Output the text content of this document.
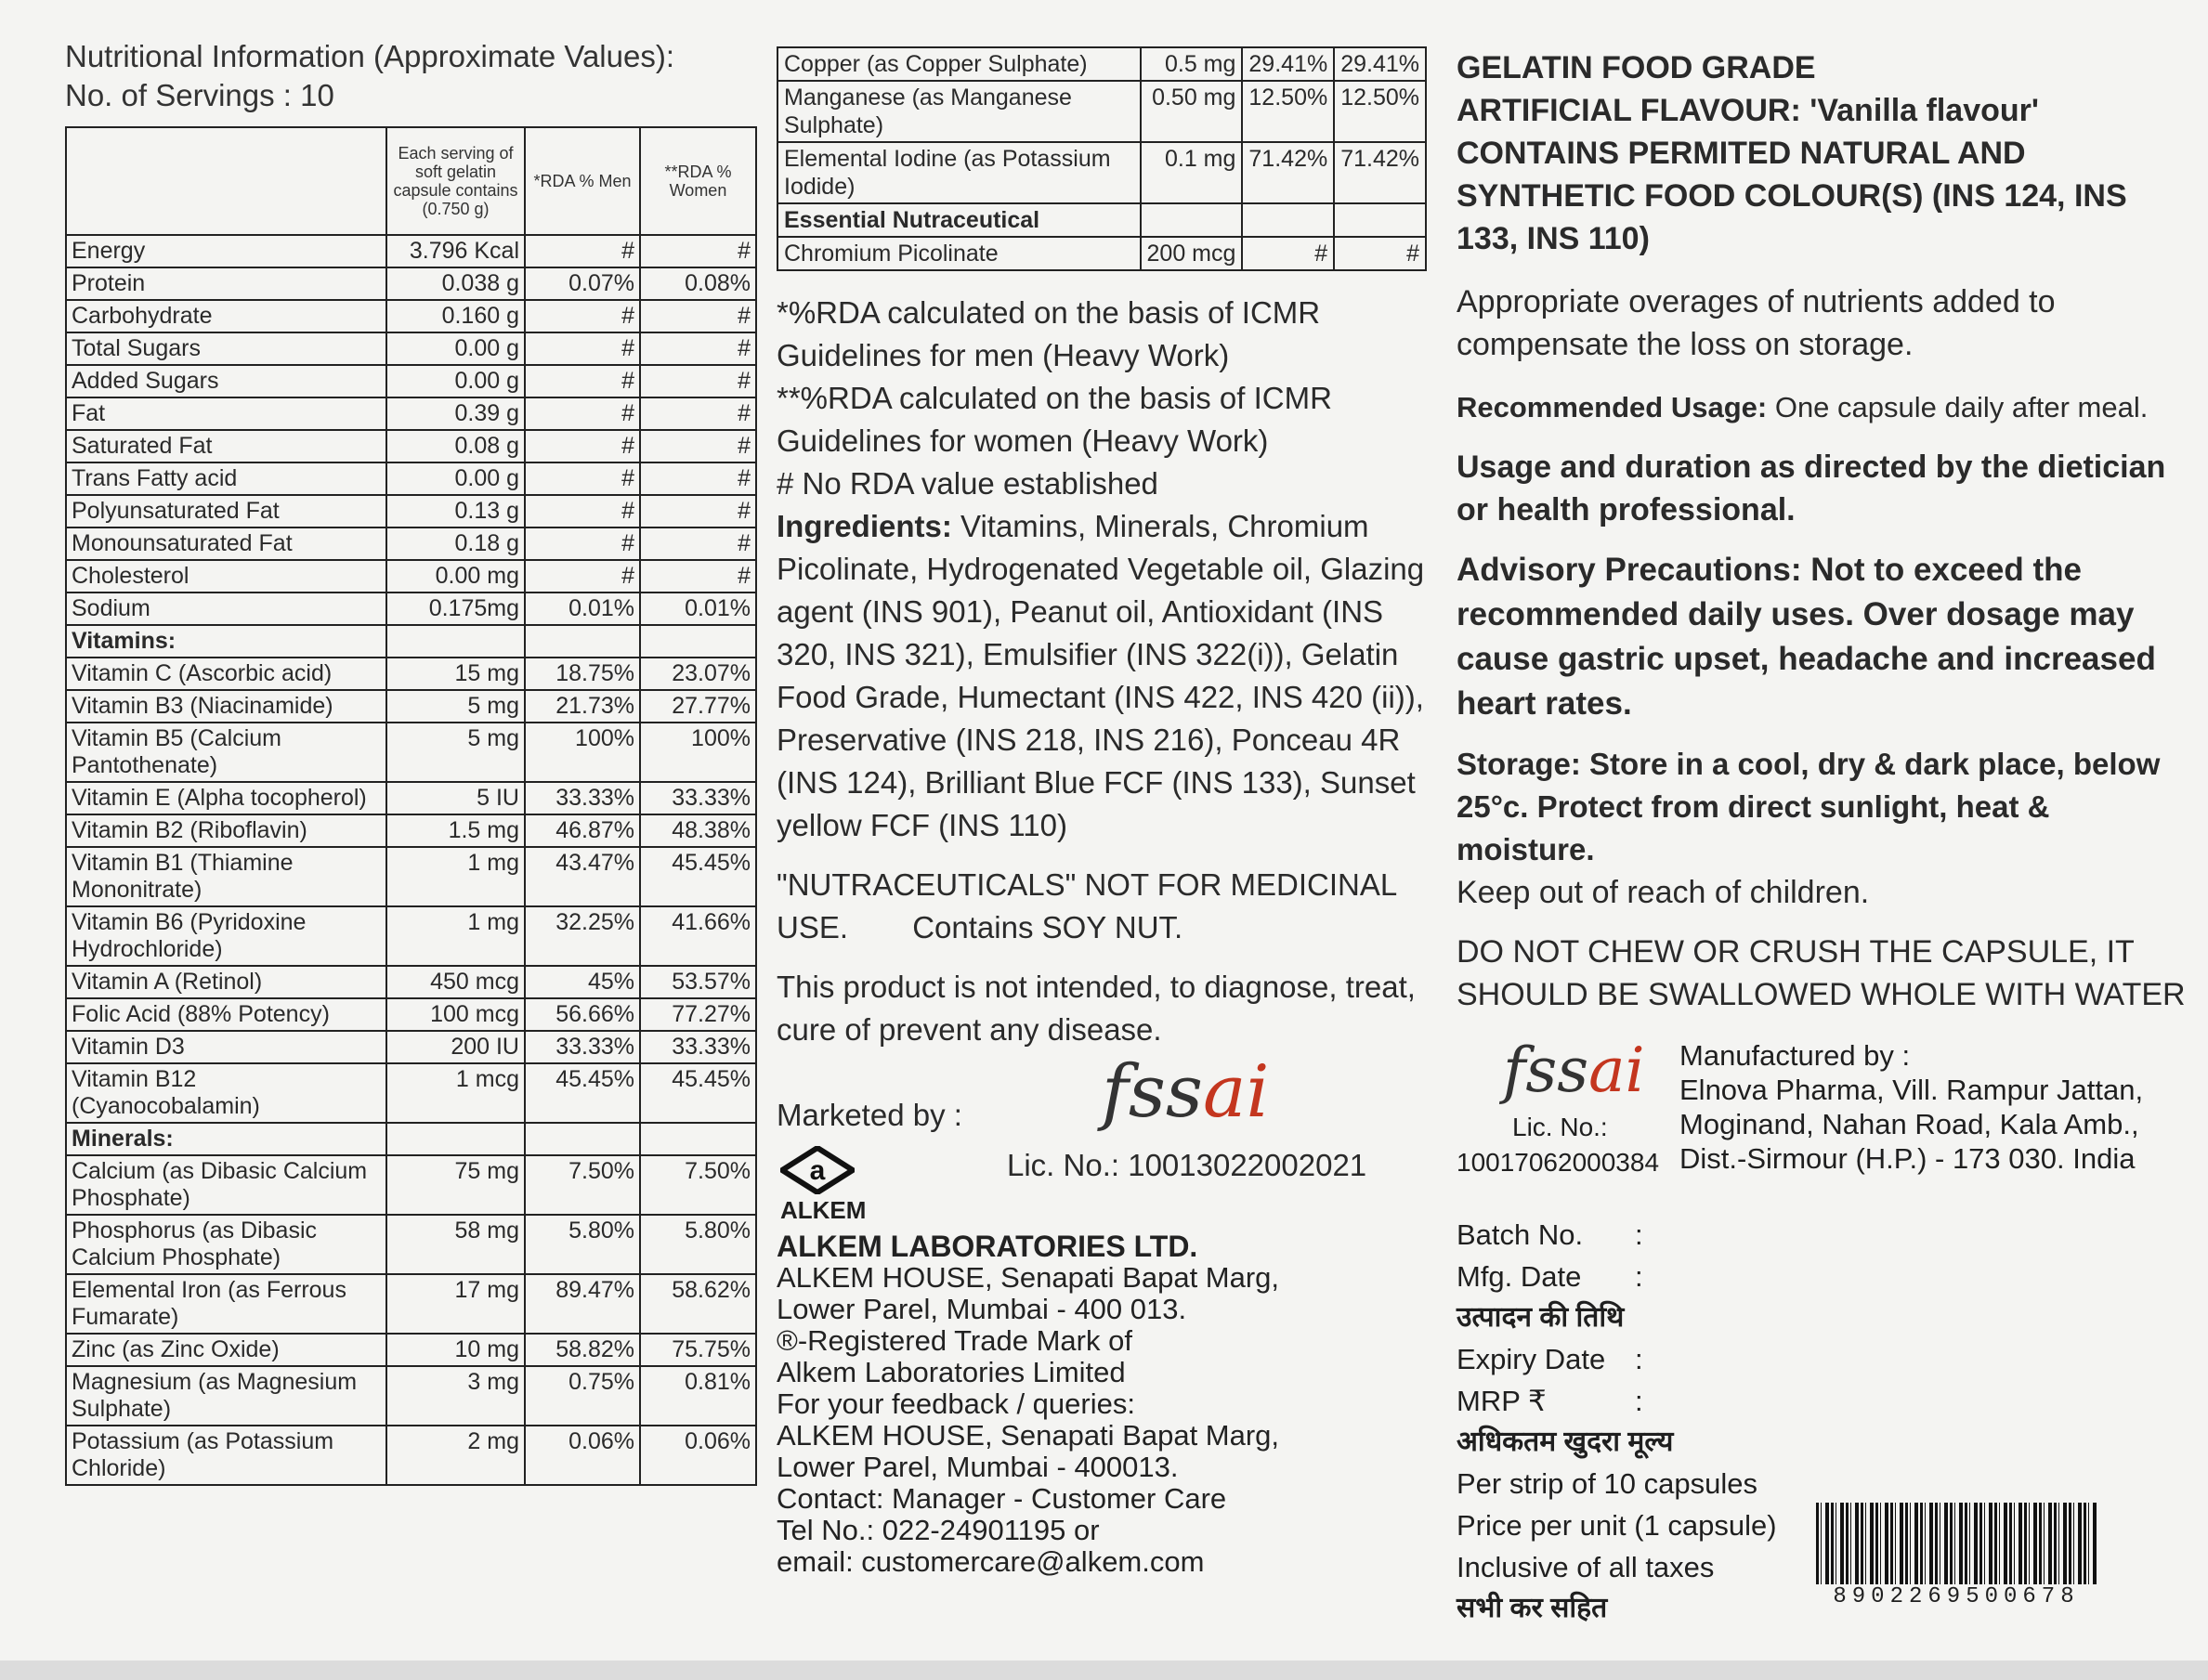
Nutritional Information (Approximate Values):
No. of Servings : 10
	Each serving of soft gelatin capsule contains (0.750 g)	*RDA % Men	**RDA % Women
Energy	3.796 Kcal	#	#
Protein	0.038 g	0.07%	0.08%
Carbohydrate	0.160 g	#	#
Total Sugars	0.00 g	#	#
Added Sugars	0.00 g	#	#
Fat	0.39 g	#	#
Saturated Fat	0.08 g	#	#
Trans Fatty acid	0.00 g	#	#
Polyunsaturated Fat	0.13 g	#	#
Monounsaturated Fat	0.18 g	#	#
Cholesterol	0.00 mg	#	#
Sodium	0.175mg	0.01%	0.01%
Vitamins:			
Vitamin C (Ascorbic acid)	15 mg	18.75%	23.07%
Vitamin B3 (Niacinamide)	5 mg	21.73%	27.77%
Vitamin B5 (Calcium Pantothenate)	5 mg	100%	100%
Vitamin E (Alpha tocopherol)	5 IU	33.33%	33.33%
Vitamin B2 (Riboflavin)	1.5 mg	46.87%	48.38%
Vitamin B1 (Thiamine Mononitrate)	1 mg	43.47%	45.45%
Vitamin B6 (Pyridoxine Hydrochloride)	1 mg	32.25%	41.66%
Vitamin A (Retinol)	450 mcg	45%	53.57%
Folic Acid (88% Potency)	100 mcg	56.66%	77.27%
Vitamin D3	200 IU	33.33%	33.33%
Vitamin B12 (Cyanocobalamin)	1 mcg	45.45%	45.45%
Minerals:			
Calcium (as Dibasic Calcium Phosphate)	75 mg	7.50%	7.50%
Phosphorus (as Dibasic Calcium Phosphate)	58 mg	5.80%	5.80%
Elemental Iron (as Ferrous Fumarate)	17 mg	89.47%	58.62%
Zinc (as Zinc Oxide)	10 mg	58.82%	75.75%
Magnesium (as Magnesium Sulphate)	3 mg	0.75%	0.81%
Potassium (as Potassium Chloride)	2 mg	0.06%	0.06%
Copper (as Copper Sulphate)	0.5 mg	29.41%	29.41%
Manganese (as Manganese Sulphate)	0.50 mg	12.50%	12.50%
Elemental Iodine (as Potassium Iodide)	0.1 mg	71.42%	71.42%
Essential Nutraceutical			
Chromium Picolinate	200 mcg	#	#

*%RDA calculated on the basis of ICMR Guidelines for men (Heavy Work)

**%RDA calculated on the basis of ICMR Guidelines for women (Heavy Work)

# No RDA value established

Ingredients: Vitamins, Minerals, Chromium Picolinate, Hydrogenated Vegetable oil, Glazing agent (INS 901), Peanut oil, Antioxidant (INS 320, INS 321), Emulsifier (INS 322(i)), Gelatin Food Grade, Humectant (INS 422, INS 420 (ii)), Preservative (INS 218, INS 216), Ponceau 4R (INS 124), Brilliant Blue FCF (INS 133), Sunset yellow FCF (INS 110)

"NUTRACEUTICALS" NOT FOR MEDICINAL USE. Contains SOY NUT.

This product is not intended, to diagnose, treat, cure of prevent any disease.

Marketed by : fssai
a	Lic. No.: 10013022002021
ALKEM
ALKEM LABORATORIES LTD.
ALKEM HOUSE, Senapati Bapat Marg,
Lower Parel, Mumbai - 400 013.
®-Registered Trade Mark of
Alkem Laboratories Limited
For your feedback / queries:
ALKEM HOUSE, Senapati Bapat Marg,
Lower Parel, Mumbai - 400013.
Contact: Manager - Customer Care
Tel No.: 022-24901195 or
email: customercare@alkem.com

GELATIN FOOD GRADE

ARTIFICIAL FLAVOUR: 'Vanilla flavour'

CONTAINS PERMITED NATURAL AND SYNTHETIC FOOD COLOUR(S) (INS 124, INS 133, INS 110)

Appropriate overages of nutrients added to compensate the loss on storage.

Recommended Usage: One capsule daily after meal.

Usage and duration as directed by the dietician or health professional.

Advisory Precautions: Not to exceed the recommended daily uses. Over dosage may cause gastric upset, headache and increased heart rates.

Storage: Store in a cool, dry & dark place, below 25°c. Protect from direct sunlight, heat & moisture.

Keep out of reach of children.

DO NOT CHEW OR CRUSH THE CAPSULE, IT SHOULD BE SWALLOWED WHOLE WITH WATER

fssai
Lic. No.:
10017062000384
Manufactured by :
Elnova Pharma, Vill. Rampur Jattan,
Moginand, Nahan Road, Kala Amb.,
Dist.-Sirmour (H.P.) - 173 030. India
Batch No. :
Mfg. Date :
उत्पादन की तिथि
Expiry Date :
MRP ₹	:
अधिकतम खुदरा मूल्य
Per strip of 10 capsules
Price per unit (1 capsule)
Inclusive of all taxes
सभी कर सहित	8902269500678
